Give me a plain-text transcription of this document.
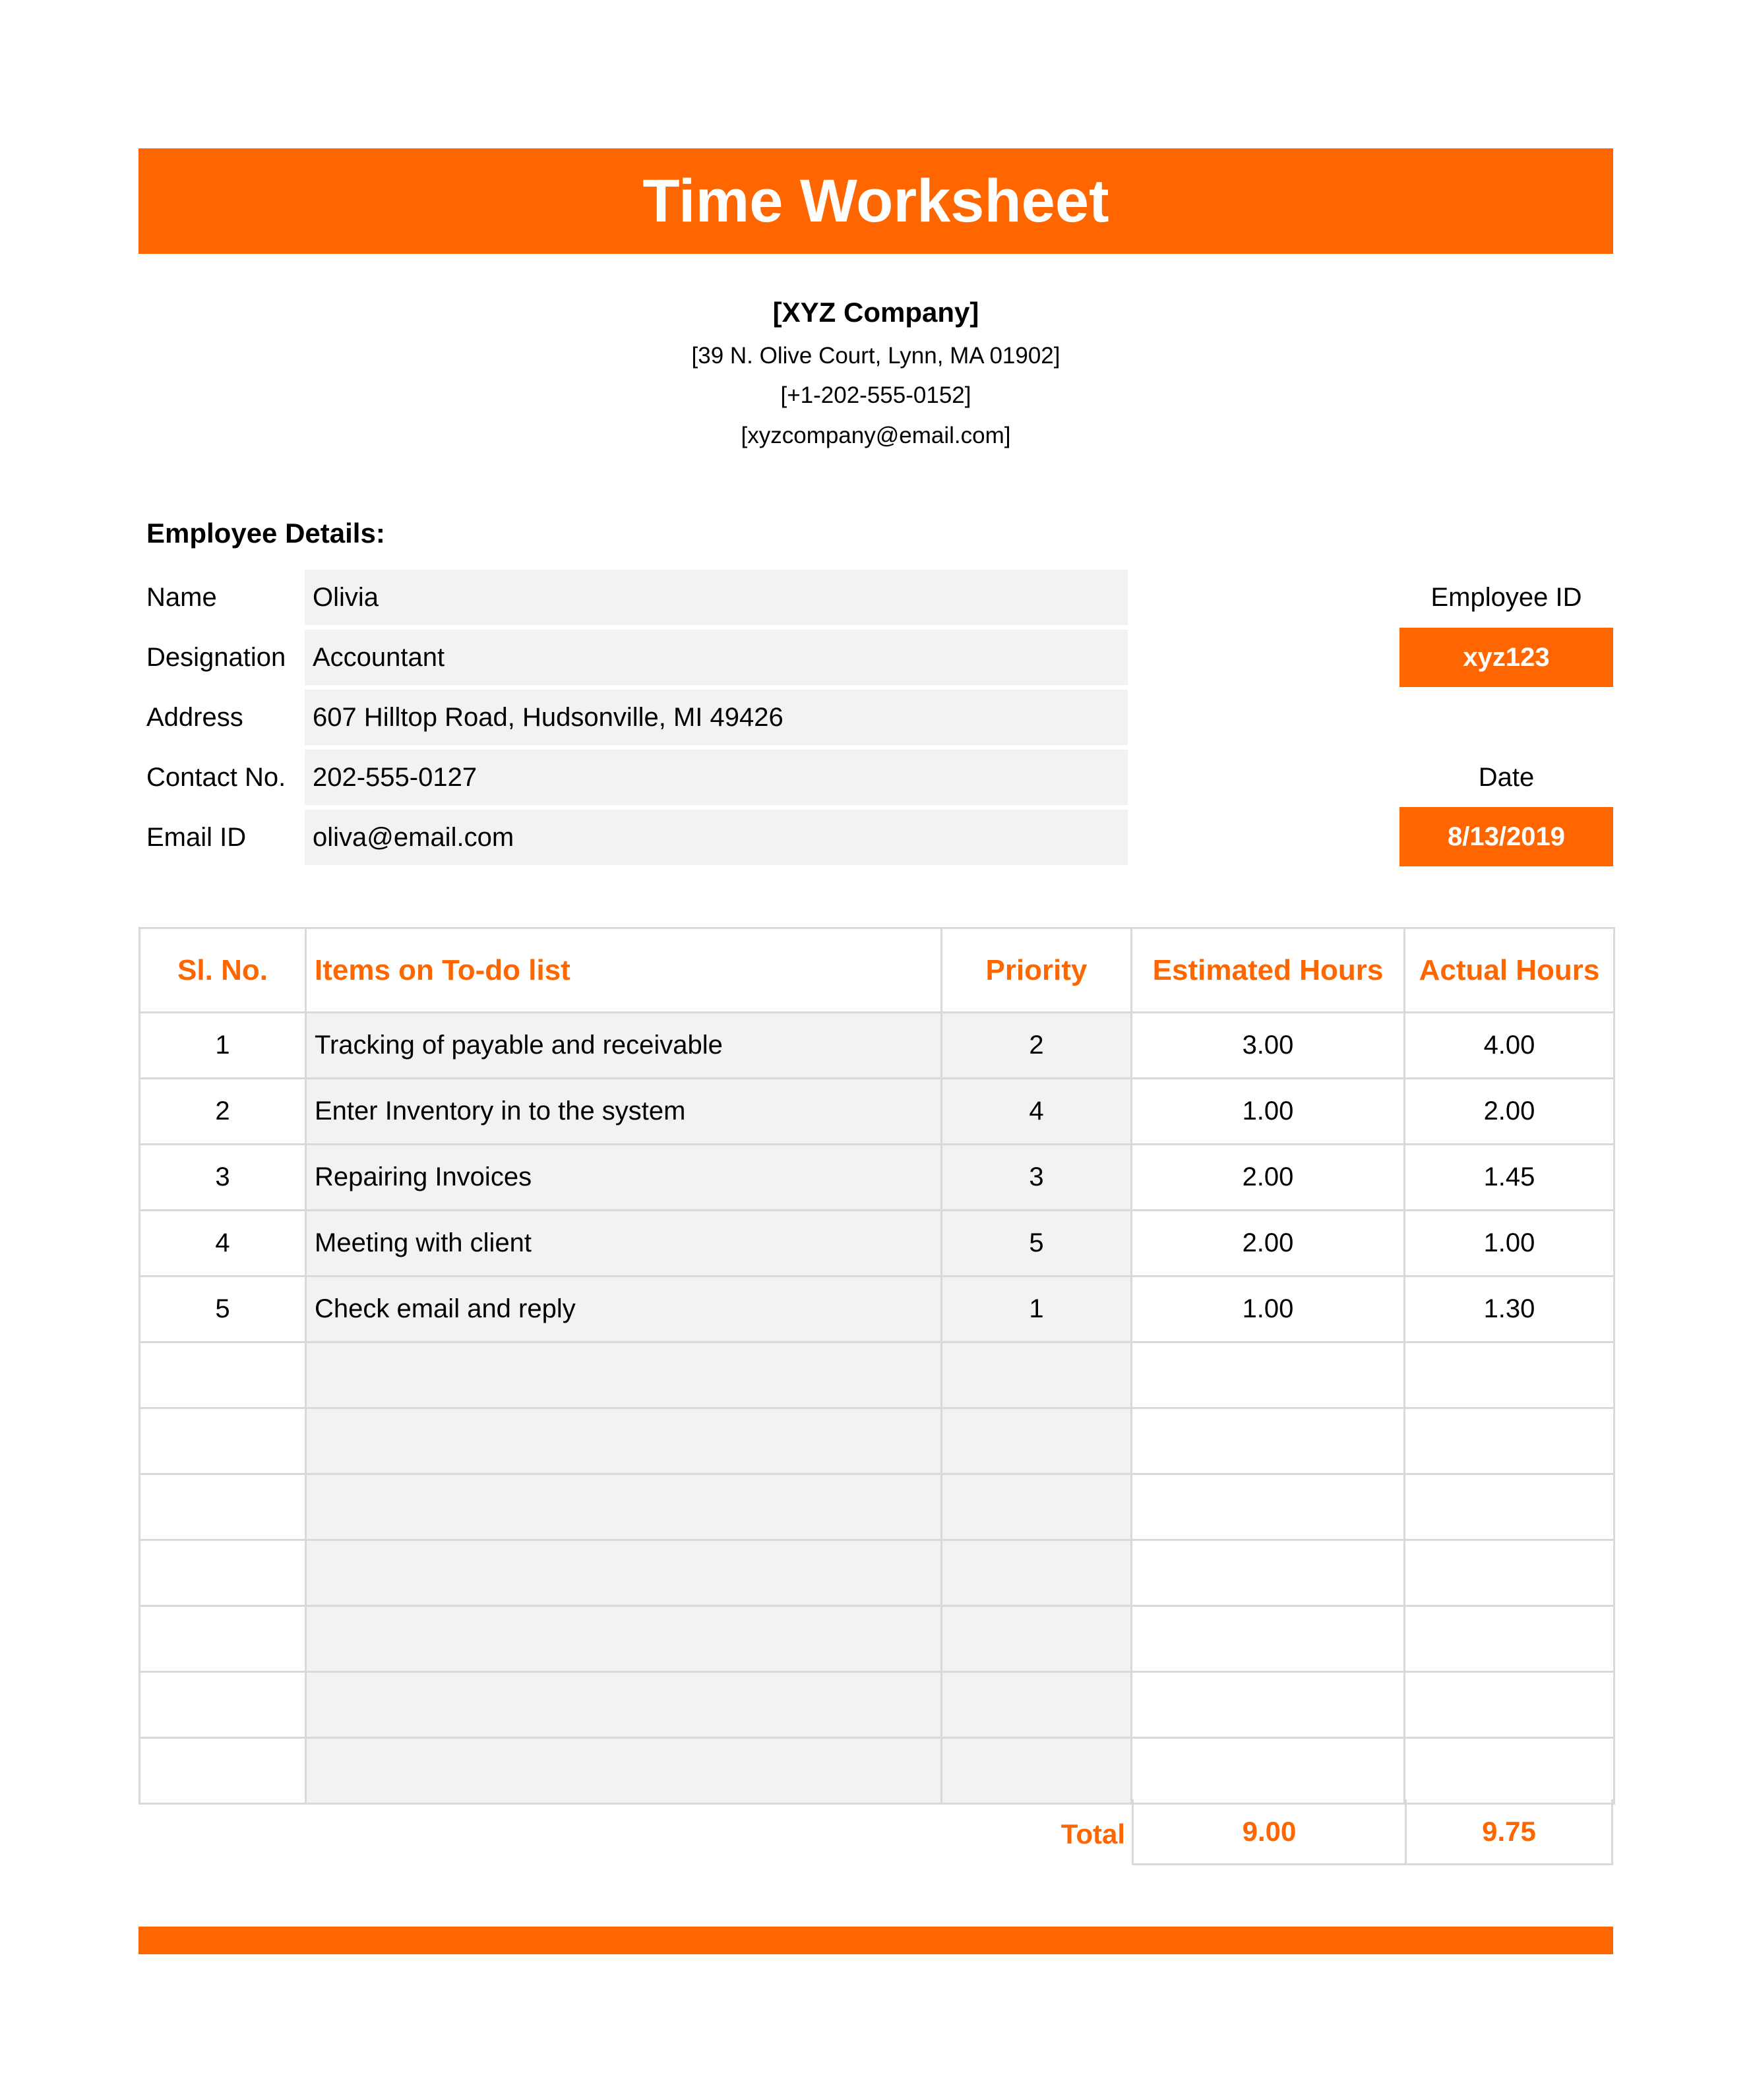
Time Worksheet
[XYZ Company]
[39 N. Olive Court, Lynn, MA 01902]
[+1-202-555-0152]
[xyzcompany@email.com]
Employee Details:
Name	Olivia
Designation	Accountant
Address	607 Hilltop Road, Hudsonville, MI 49426
Contact No.	202-555-0127
Email ID	oliva@email.com
Employee ID
xyz123
Date
8/13/2019
Sl. No.	Items on To-do list	Priority	Estimated Hours	Actual Hours
1	Tracking of payable and receivable	2	3.00	4.00
2	Enter Inventory in to the system	4	1.00	2.00
3	Repairing Invoices	3	2.00	1.45
4	Meeting with client	5	2.00	1.00
5	Check email and reply	1	1.00	1.30

Total	9.00	9.75
